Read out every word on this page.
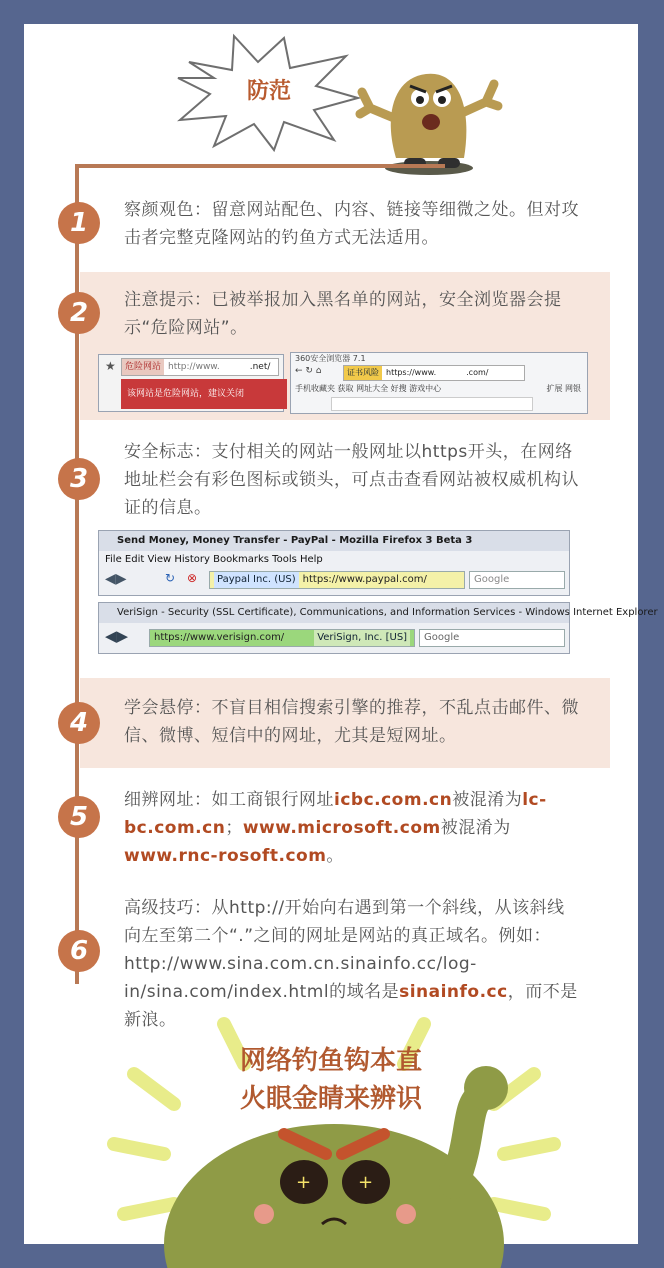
防范
1	察颜观色：留意网站配色、内容、链接等细微之处。但对攻击者完整克隆网站的钓鱼方式无法适用。
2	注意提示：已被举报加入黑名单的网站，安全浏览器会提示“危险网站”。
★	危险网站 http://www.	.net/
该网站是危险网站，建议关闭
360安全浏览器 7.1
← ↻ ⌂	证书风险 https://www.	.com/
手机收藏夹 获取 网址大全 好搜 游戏中心	扩展 网银
3
安全标志：支付相关的网站一般网址以https开头，在网络地址栏会有彩色图标或锁头，可点击查看网站被权威机构认证的信息。
Send Money, Money Transfer - PayPal - Mozilla Firefox 3 Beta 3
File Edit View History Bookmarks Tools Help
◀▶	↻ ⊗	Paypal Inc. (US) https://www.paypal.com/	Google
VeriSign - Security (SSL Certificate), Communications, and Information Services - Windows Internet Explorer
◀▶	https://www.verisign.com/	VeriSign, Inc. [US]	Google
4	学会悬停：不盲目相信搜索引擎的推荐，不乱点击邮件、微信、微博、短信中的网址，尤其是短网址。
5
细辨网址：如工商银行网址icbc.com.cn被混淆为lc-bc.com.cn；www.microsoft.com被混淆为www.rnc-rosoft.com。
6
高级技巧：从http://开始向右遇到第一个斜线，从该斜线向左至第二个“.”之间的网址是网站的真正域名。例如：http://www.sina.com.cn.sinainfo.cc/log-in/sina.com/index.html的域名是sinainfo.cc，而不是新浪。
+	+
网络钓鱼钩本直
火眼金睛来辨识
